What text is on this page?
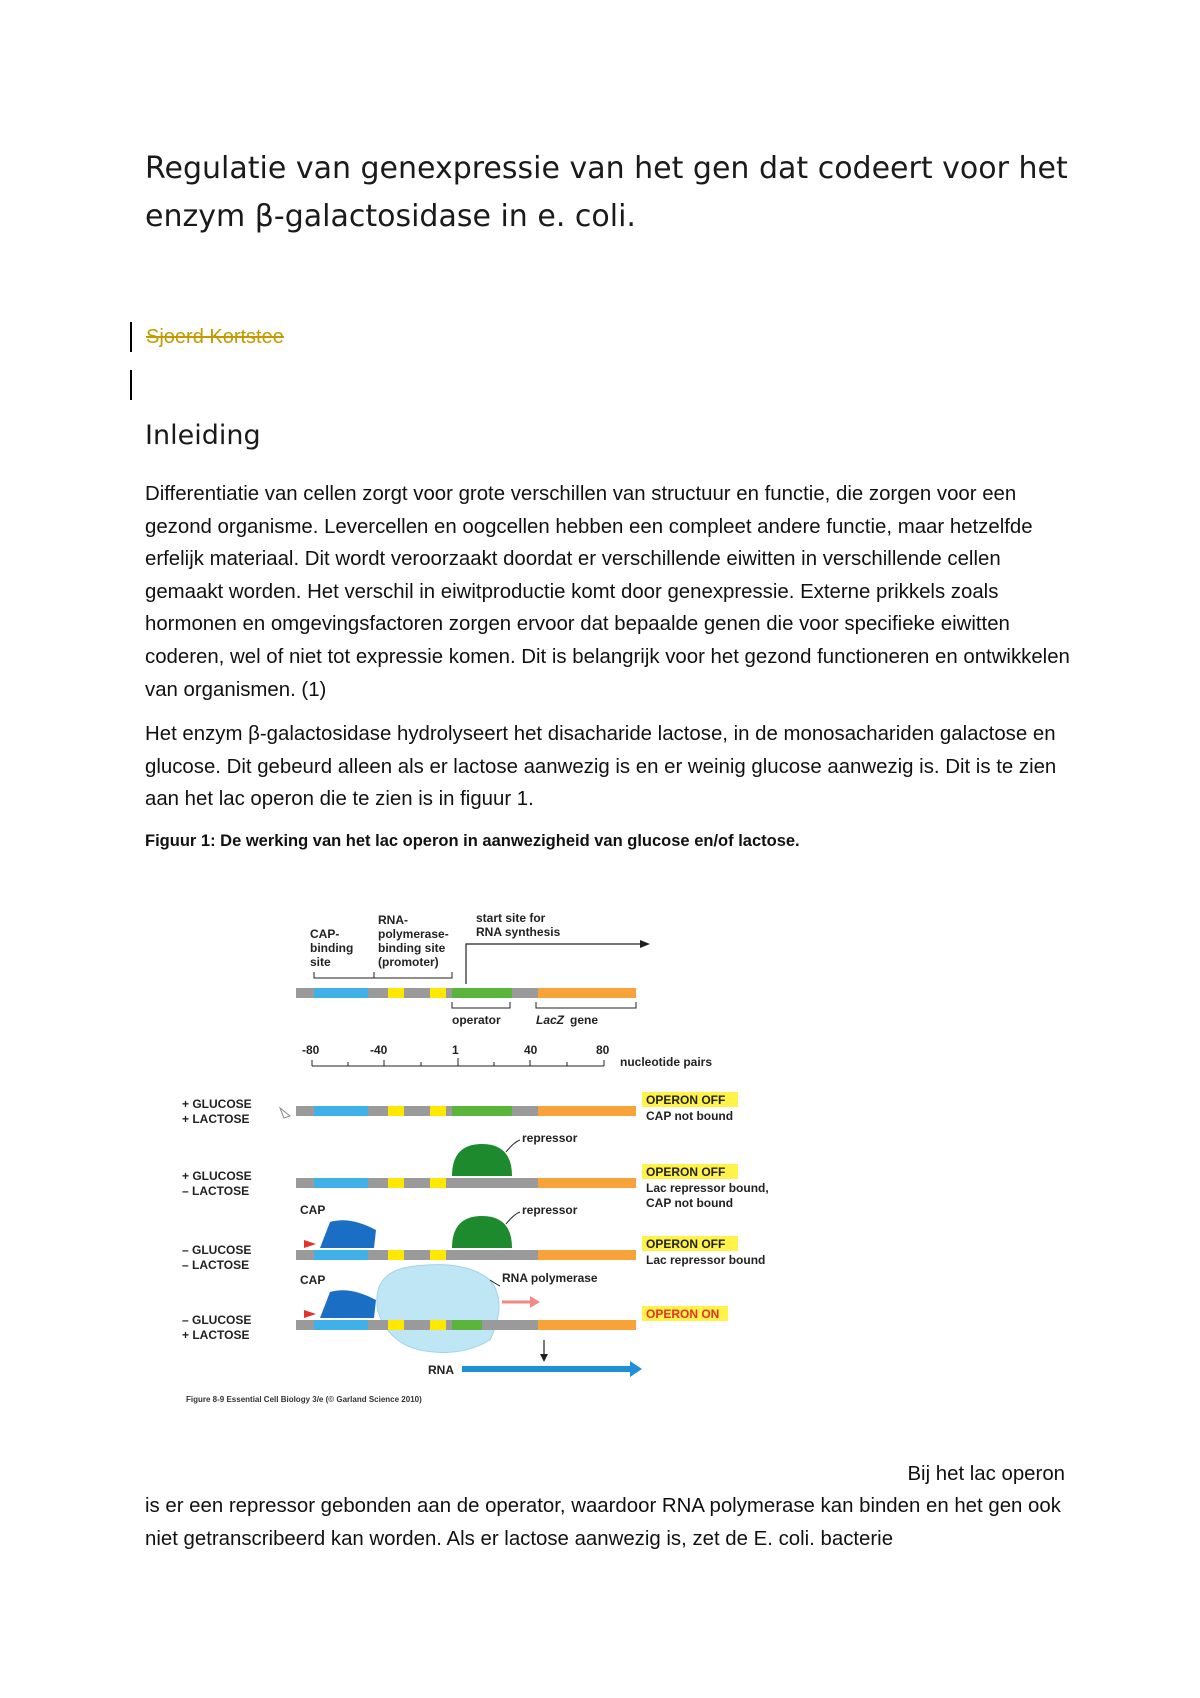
Regulatie van genexpressie van het gen dat codeert voor het enzym β-galactosidase in e. coli.
Sjoerd Kortstee
Inleiding

Differentiatie van cellen zorgt voor grote verschillen van structuur en functie, die zorgen voor een gezond organisme. Levercellen en oogcellen hebben een compleet andere functie, maar hetzelfde erfelijk materiaal. Dit wordt veroorzaakt doordat er verschillende eiwitten in verschillende cellen gemaakt worden. Het verschil in eiwitproductie komt door genexpressie. Externe prikkels zoals hormonen en omgevingsfactoren zorgen ervoor dat bepaalde genen die voor specifieke eiwitten coderen, wel of niet tot expressie komen. Dit is belangrijk voor het gezond functioneren en ontwikkelen van organismen. (1)

Het enzym β-galactosidase hydrolyseert het disacharide lactose, in de monosachariden galactose en glucose. Dit gebeurd alleen als er lactose aanwezig is en er weinig glucose aanwezig is. Dit is te zien aan het lac operon die te zien is in figuur 1.

Figuur 1: De werking van het lac operon in aanwezigheid van glucose en/of lactose.

CAP-
binding
site
RNA-
polymerase-
binding site
(promoter)
start site for
RNA synthesis
operator	LacZ gene
-80	-40	1	40	80
nucleotide pairs
+ GLUCOSE
+ LACTOSE
OPERON OFF
CAP not bound
+ GLUCOSE
– LACTOSE
repressor
OPERON OFF
Lac repressor bound,
CAP not bound
CAP
– GLUCOSE
– LACTOSE
repressor
OPERON OFF
Lac repressor bound
CAP
– GLUCOSE
+ LACTOSE
RNA polymerase
OPERON ON
RNA
Figure 8-9 Essential Cell Biology 3/e (© Garland Science 2010)

Bij het lac operon

is er een repressor gebonden aan de operator, waardoor RNA polymerase kan binden en het gen ook niet getranscribeerd kan worden. Als er lactose aanwezig is, zet de E. coli. bacterie
